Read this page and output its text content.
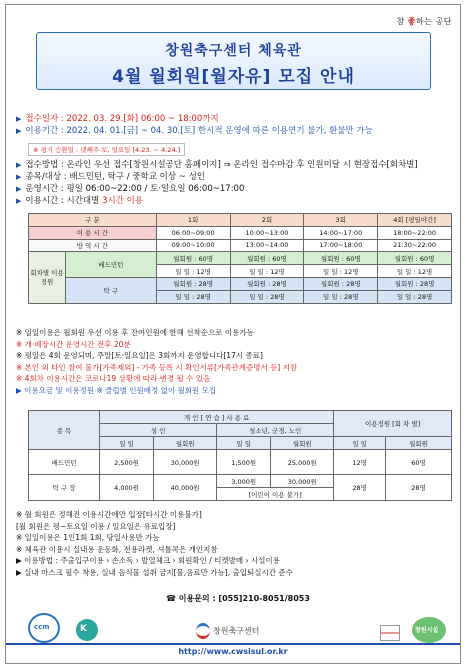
참 좋하는 공단
창원축구센터 체육관
4월 월회원[월자유] 모집 안내
▶ 접수일자 : 2022. 03. 29.[화] 06:00 ~ 18:00까지
▶ 이용기간 : 2022. 04. 01.[금] ~ 04. 30.[토] 한시적 운영에 따른 이용연기 불가, 환불만 가능
※ 평기 승환일 : 넷째주 토, 일요일 [4.23. ~ 4.24.]
▶ 접수방법 : 온라인 우선 접수[창원시설공단 홈페이지] ⇒ 온라인 접수마감 후 인원미달 시 현장접수[회차별]
▶ 종목/대상 : 배드민턴, 탁구 / 중학교 이상 ~ 성인
▶ 운영시간 : 평일 06:00~22:00 / 토·일요일 06:00~17:00
▶ 이용시간 : 시간대별 3시간 이용
구 분		1회	2회	3회	4회 [평일야간]
이 용 시 간		06:00~09:00	10:00~13:00	14:00~17:00	18:00~22:00
방 역 시 간		09:00~10:00	13:00~14:00	17:00~18:00	21:30~22:00
회차별 이용정원	배드민턴	월회원 : 60명	월회원 : 60명	월회원 : 60명	월회원 : 60명
		일 일 : 12명	일 일 : 12명	일 일 : 12명	일 일 : 12명
	탁 구	월회원 : 28명	월회원 : 28명	월회원 : 28명	월회원 : 28명
		일 일 : 28명	일 일 : 28명	일 일 : 28명	일 일 : 28명
※ 일일이용은 월회원 우선 이용 후 잔여인원에 한해 선착순으로 이용가능
※ 개·폐장시간 운영시간 전후 20분
※ 평일은 4회 운영되며, 주말[토·일요일]은 3회까지 운영합니다[17시 종료]
※ 본인 외 타인 참여 불가[가족제외] - 가족 등록 시 확인서류[가족관계증명서 등] 지참
※ 4회차 이용시간은 코로나19 상황에 따라 변경 될 수 있음
▶ 이용요금 및 이용정원 ※ 클럽별 인원배정 없이 월회원 모집
종 목	개 인 [ 연 습 ] 사 용 료				이용정원 [회 차 별]	
	성 인		청소년, 군경, 노인			
	일 일	월회원	일 일	월회원	일 일	월회원
배드민턴	2,500원	30,000원	1,500원	25,000원	12명	60명
탁 구 장	4,000원	40,000원	3,000원	30,000원	28명	28명
			[어린이 이용 불가]			
※ 월 회원은 정해진 이용시간에만 입장[타시간 이용불가]
[월 회원은 평~토요일 이용 / 일요일은 유료입장]
※ 일일이용은 1인1회 1회, 당일사용만 가능
※ 체육관 이용시 실내용 운동화, 전용라켓, 셔틀콕은 개인지참
▶ 이용방법 : 주출입구이용 › 손소독 › 발열체크 › 회원확인 / 티켓발매 › 시설이용
▶ 실내 마스크 필수 착용, 실내 음식물 섭취 금지[물,음료만 가능], 출입퇴실시간 준수
☎ 이용문의 : [055]210-8051/8053
ccm	K	창원축구센터	창원시설
http://www.cwsisul.or.kr
